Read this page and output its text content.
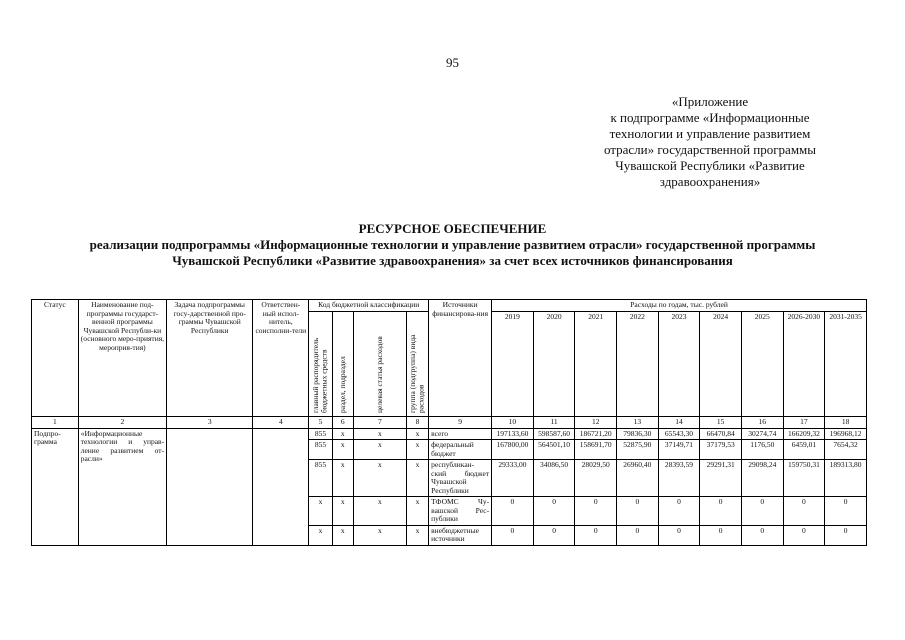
95
«Приложение
к подпрограмме «Информационные
технологии и управление развитием
отрасли» государственной программы
Чувашской Республики «Развитие
здравоохранения»
РЕСУРСНОЕ ОБЕСПЕЧЕНИЕ
реализации подпрограммы «Информационные технологии и управление развитием отрасли» государственной программы
Чувашской Республики «Развитие здравоохранения» за счет всех источников финансирования
Статус	Наименование под-программы государст-венной программы Чувашской Республи-ки (основного меро-приятия, мероприя-тия)	Задача подпрограммы госу-дарственной про-граммы Чувашской Республики	Ответствен-ный испол-нитель, соисполни-тели	Код бюджетной классификации				Источники финансирова-ния	Расходы по годам, тыс. рублей								
				главный распорядитель бюджетных средств	раздел, подраздел	целевая статья расходов	группа (подгруппа) вида расходов		2019	2020	2021	2022	2023	2024	2025	2026-2030	2031-2035
1	2	3	4	5	6	7	8	9	10	11	12	13	14	15	16	17	18
Подпро-грамма	«Информационные технологии и управ-ление развитием от-расли»			855	x	x	x	всего	197133,60	598587,60	186721,20	79836,30	65543,30	66470,84	30274,74	166209,32	196968,12
				855	x	x	x	федеральный бюджет	167800,00	564501,10	158691,70	52875,90	37149,71	37179,53	1176,50	6459,01	7654,32
				855	x	x	x	республикан-ский бюджет Чувашской Республики	29333,00	34086,50	28029,50	26960,40	28393,59	29291,31	29098,24	159750,31	189313,80
				x	x	x	x	ТФОМС Чу-вашской Рес-публики	0	0	0	0	0	0	0	0	0
				x	x	x	x	внебюджетные источники	0	0	0	0	0	0	0	0	0
